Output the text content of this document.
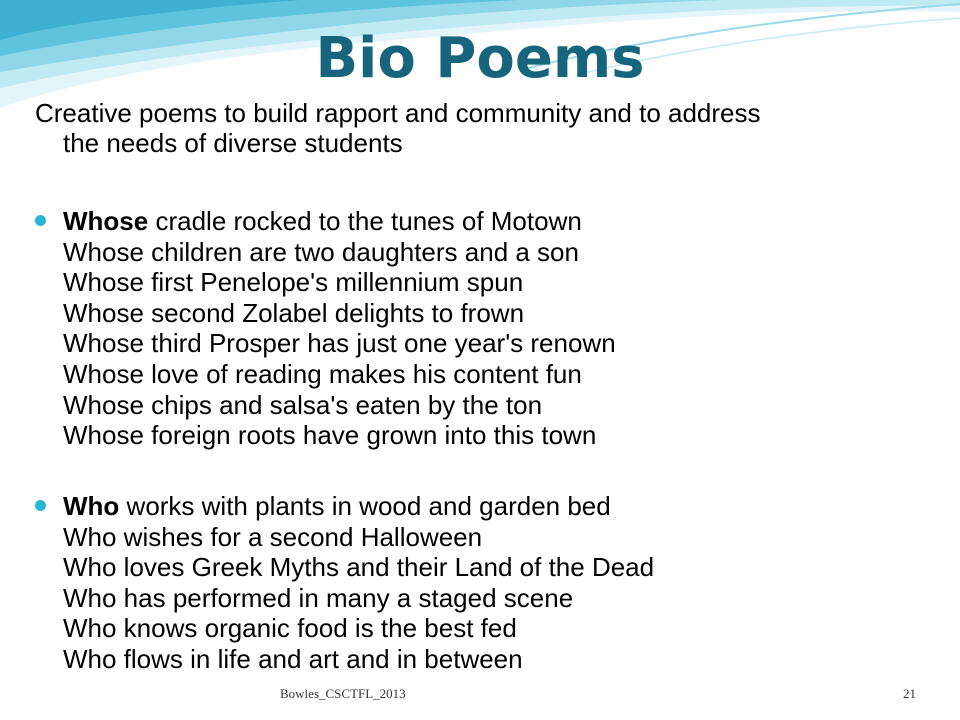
Bio Poems
Creative poems to build rapport and community and to address
the needs of diverse students
Whose cradle rocked to the tunes of Motown
Whose children are two daughters and a son
Whose first Penelope's millennium spun
Whose second Zolabel delights to frown
Whose third Prosper has just one year's renown
Whose love of reading makes his content fun
Whose chips and salsa's eaten by the ton
Whose foreign roots have grown into this town
Who works with plants in wood and garden bed
Who wishes for a second Halloween
Who loves Greek Myths and their Land of the Dead
Who has performed in many a staged scene
Who knows organic food is the best fed
Who flows in life and art and in between
Bowles_CSCTFL_2013	21
